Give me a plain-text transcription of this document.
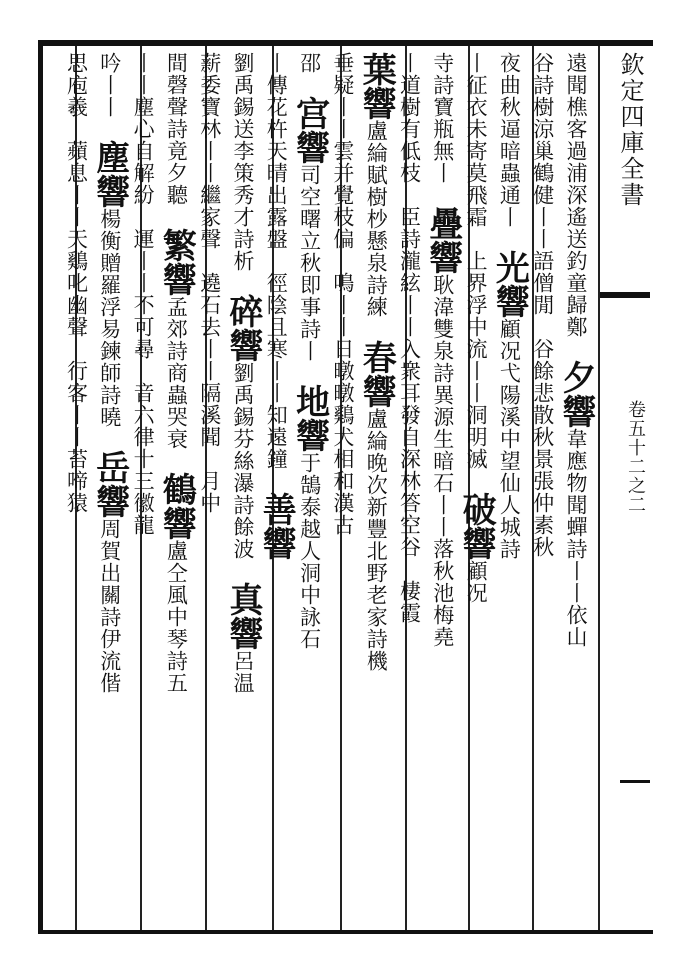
欽定四庫全書
卷五十二之二
遠聞樵客過浦深遙送釣童歸鄭　夕響韋應物聞蟬詩丨丨依山　
谷詩樹涼巢鶴健丨丨語僧閒　谷餘悲散秋景張仲素秋　
夜曲秋逼暗蟲通丨　光響顧况弋陽溪中望仙人城詩　
丨征衣未寄莫飛霜　上界浮中流丨丨洞明滅　破響顧况　
寺詩寶瓶無丨　疊響耿湋雙泉詩異源生暗石丨丨落秋池梅堯　
丨道樹有低枝　臣詩瀧絃丨丨入衆耳發自深林答空谷　棲霞　
葉響盧綸賦樹杪懸泉詩練　春響盧綸晚次新豐北野老家詩機　
垂疑丨丨雲并覺枝偏　鳴丨丨日暾暾鷄犬相和漢古　
邵　宫響司空曙立秋即事詩丨　地響于鵠泰越人洞中詠石　
丨傳花杵天晴出露盤　徑陰且寒丨丨知遠鐘　善響
劉禹錫送李策秀才詩析　碎響劉禹錫芬絲瀑詩餘波　真響呂温　
薪委寶林丨丨繼家聲　遶石去丨丨隔溪聞　月中　
間磬聲詩竟夕聽　繁響孟郊詩商蟲哭衰　鶴響盧仝風中琴詩五　
丨丨塵心自解紛　運丨丨不可尋　音六律十三徽龍　
吟丨丨　塵響楊衡贈羅浮易鍊師詩曉　岳響周賀出關詩伊流偕　
思庖羲　蘋息丨丨天鷄叱幽聲　行客丨丨苔啼猿　
